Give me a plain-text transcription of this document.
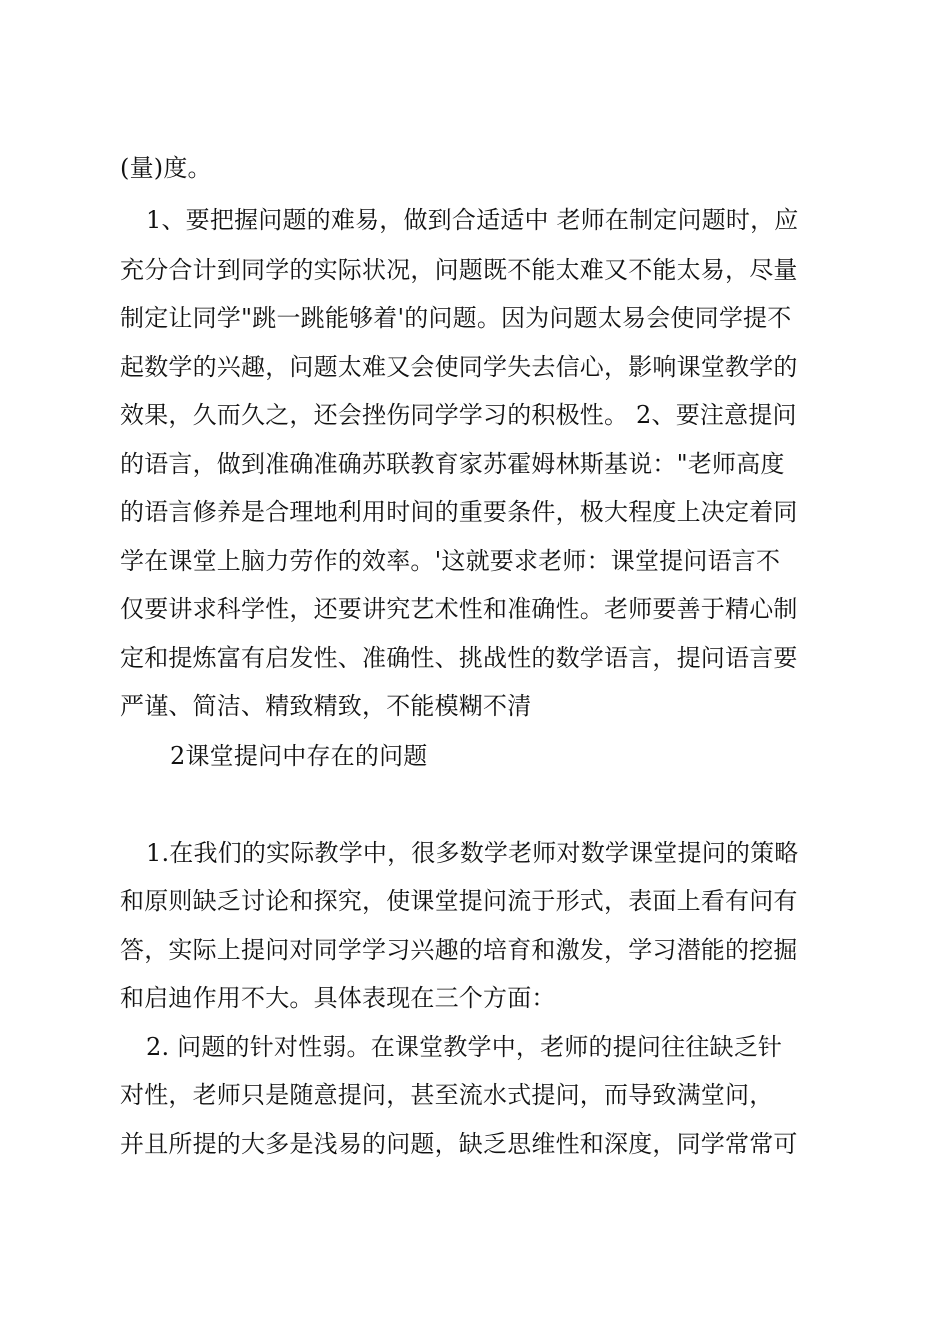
(量)度。
1、要把握问题的难易，做到合适适中 老师在制定问题时，应
充分合计到同学的实际状况，问题既不能太难又不能太易，尽量
制定让同学"跳一跳能够着'的问题。因为问题太易会使同学提不
起数学的兴趣，问题太难又会使同学失去信心，影响课堂教学的
效果，久而久之，还会挫伤同学学习的积极性。 2、要注意提问
的语言，做到准确准确苏联教育家苏霍姆林斯基说："老师高度
的语言修养是合理地利用时间的重要条件，极大程度上决定着同
学在课堂上脑力劳作的效率。'这就要求老师：课堂提问语言不
仅要讲求科学性，还要讲究艺术性和准确性。老师要善于精心制
定和提炼富有启发性、准确性、挑战性的数学语言，提问语言要
严谨、简洁、精致精致，不能模糊不清
2课堂提问中存在的问题
1.在我们的实际教学中，很多数学老师对数学课堂提问的策略
和原则缺乏讨论和探究，使课堂提问流于形式，表面上看有问有
答，实际上提问对同学学习兴趣的培育和激发，学习潜能的挖掘
和启迪作用不大。具体表现在三个方面：
2. 问题的针对性弱。在课堂教学中，老师的提问往往缺乏针
对性，老师只是随意提问，甚至流水式提问，而导致满堂问，
并且所提的大多是浅易的问题，缺乏思维性和深度，同学常常可
